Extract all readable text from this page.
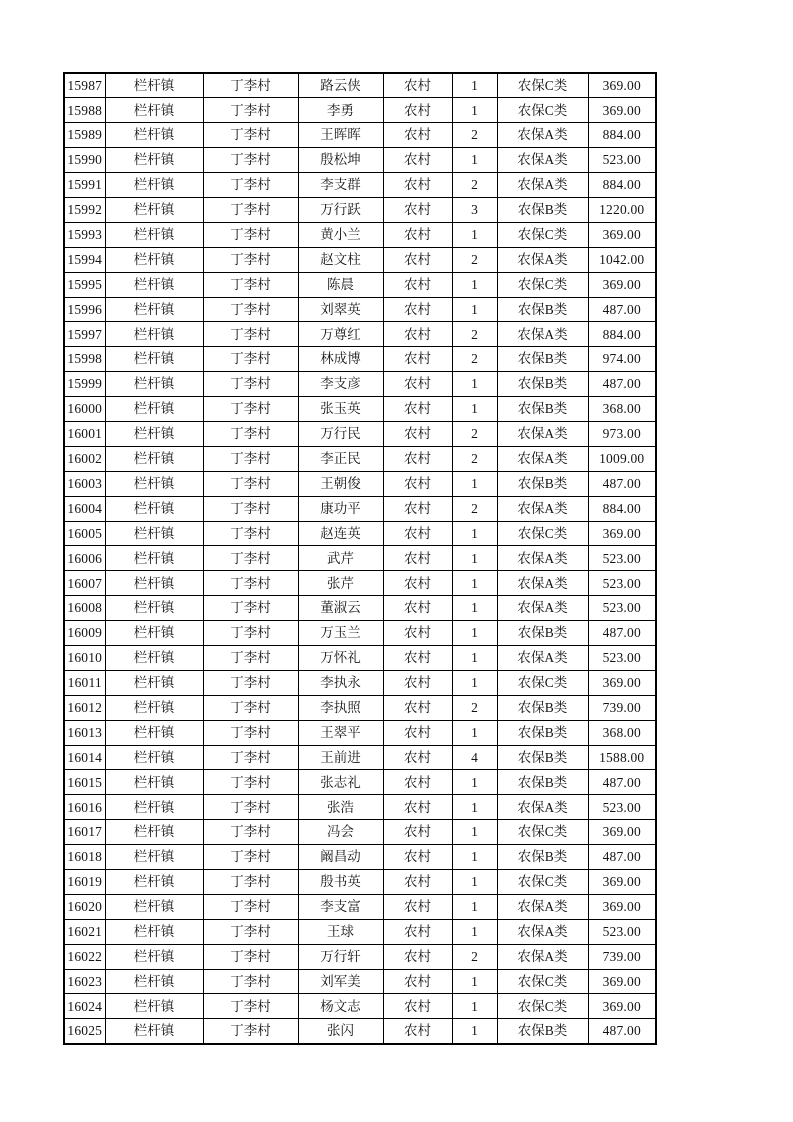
15987	栏杆镇	丁李村	路云侠	农村	1	农保C类	369.00
15988	栏杆镇	丁李村	李勇	农村	1	农保C类	369.00
15989	栏杆镇	丁李村	王晖晖	农村	2	农保A类	884.00
15990	栏杆镇	丁李村	殷松坤	农村	1	农保A类	523.00
15991	栏杆镇	丁李村	李支群	农村	2	农保A类	884.00
15992	栏杆镇	丁李村	万行跃	农村	3	农保B类	1220.00
15993	栏杆镇	丁李村	黄小兰	农村	1	农保C类	369.00
15994	栏杆镇	丁李村	赵文柱	农村	2	农保A类	1042.00
15995	栏杆镇	丁李村	陈晨	农村	1	农保C类	369.00
15996	栏杆镇	丁李村	刘翠英	农村	1	农保B类	487.00
15997	栏杆镇	丁李村	万尊红	农村	2	农保A类	884.00
15998	栏杆镇	丁李村	林成博	农村	2	农保B类	974.00
15999	栏杆镇	丁李村	李支彦	农村	1	农保B类	487.00
16000	栏杆镇	丁李村	张玉英	农村	1	农保B类	368.00
16001	栏杆镇	丁李村	万行民	农村	2	农保A类	973.00
16002	栏杆镇	丁李村	李正民	农村	2	农保A类	1009.00
16003	栏杆镇	丁李村	王朝俊	农村	1	农保B类	487.00
16004	栏杆镇	丁李村	康功平	农村	2	农保A类	884.00
16005	栏杆镇	丁李村	赵连英	农村	1	农保C类	369.00
16006	栏杆镇	丁李村	武芹	农村	1	农保A类	523.00
16007	栏杆镇	丁李村	张芹	农村	1	农保A类	523.00
16008	栏杆镇	丁李村	董淑云	农村	1	农保A类	523.00
16009	栏杆镇	丁李村	万玉兰	农村	1	农保B类	487.00
16010	栏杆镇	丁李村	万怀礼	农村	1	农保A类	523.00
16011	栏杆镇	丁李村	李执永	农村	1	农保C类	369.00
16012	栏杆镇	丁李村	李执照	农村	2	农保B类	739.00
16013	栏杆镇	丁李村	王翠平	农村	1	农保B类	368.00
16014	栏杆镇	丁李村	王前进	农村	4	农保B类	1588.00
16015	栏杆镇	丁李村	张志礼	农村	1	农保B类	487.00
16016	栏杆镇	丁李村	张浩	农村	1	农保A类	523.00
16017	栏杆镇	丁李村	冯会	农村	1	农保C类	369.00
16018	栏杆镇	丁李村	阚昌动	农村	1	农保B类	487.00
16019	栏杆镇	丁李村	殷书英	农村	1	农保C类	369.00
16020	栏杆镇	丁李村	李支富	农村	1	农保A类	369.00
16021	栏杆镇	丁李村	王球	农村	1	农保A类	523.00
16022	栏杆镇	丁李村	万行轩	农村	2	农保A类	739.00
16023	栏杆镇	丁李村	刘军美	农村	1	农保C类	369.00
16024	栏杆镇	丁李村	杨文志	农村	1	农保C类	369.00
16025	栏杆镇	丁李村	张闪	农村	1	农保B类	487.00
